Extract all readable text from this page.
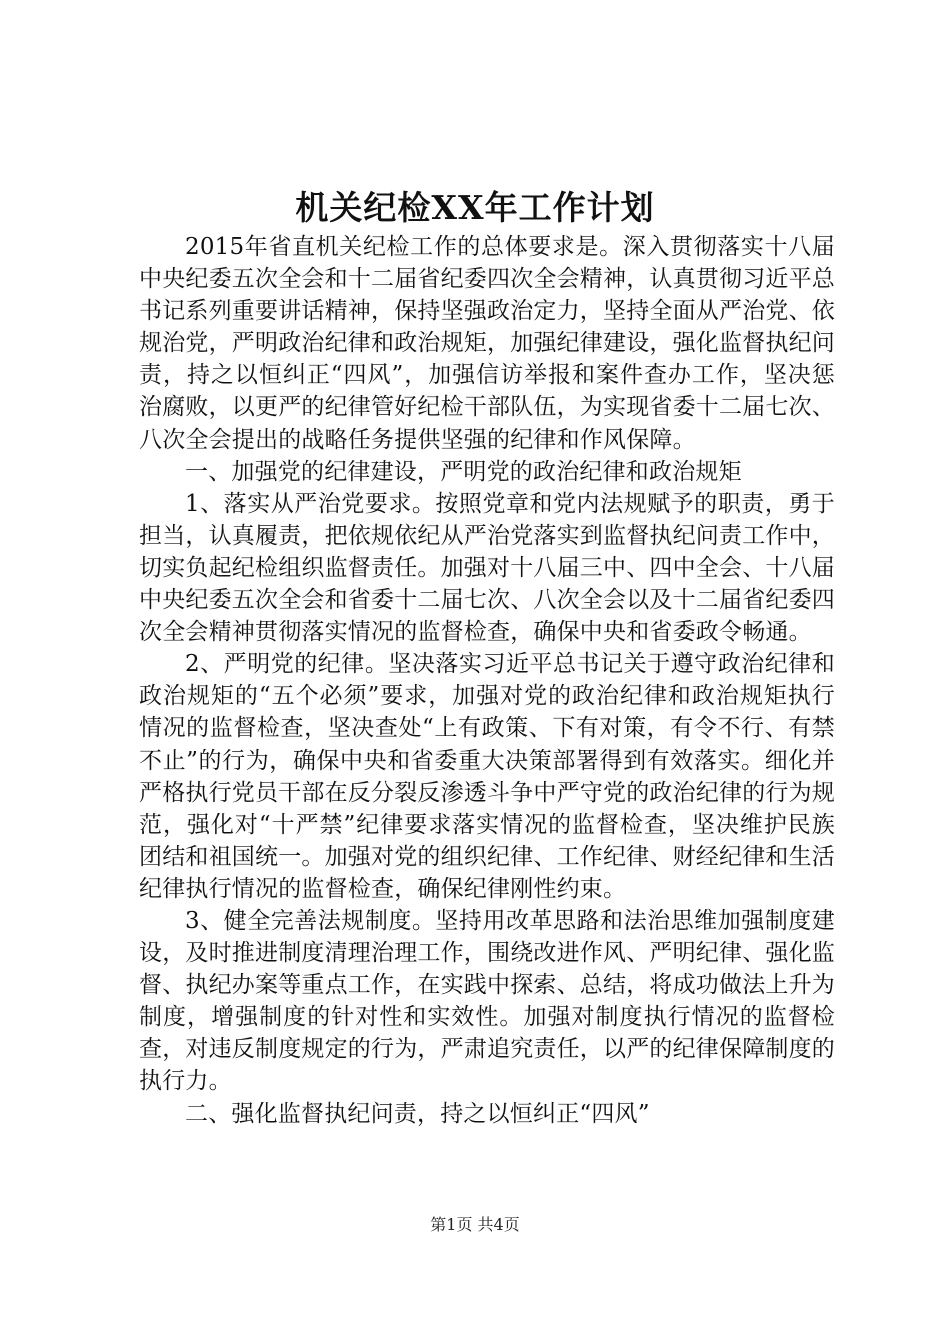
机关纪检XX年工作计划

2015年省直机关纪检工作的总体要求是。深入贯彻落实十八届中央纪委五次全会和十二届省纪委四次全会精神，认真贯彻习近平总书记系列重要讲话精神，保持坚强政治定力，坚持全面从严治党、依规治党，严明政治纪律和政治规矩，加强纪律建设，强化监督执纪问责，持之以恒纠正“四风”，加强信访举报和案件查办工作，坚决惩治腐败，以更严的纪律管好纪检干部队伍，为实现省委十二届七次、八次全会提出的战略任务提供坚强的纪律和作风保障。

一、加强党的纪律建设，严明党的政治纪律和政治规矩

1、落实从严治党要求。按照党章和党内法规赋予的职责，勇于担当，认真履责，把依规依纪从严治党落实到监督执纪问责工作中，切实负起纪检组织监督责任。加强对十八届三中、四中全会、十八届中央纪委五次全会和省委十二届七次、八次全会以及十二届省纪委四次全会精神贯彻落实情况的监督检查，确保中央和省委政令畅通。

2、严明党的纪律。坚决落实习近平总书记关于遵守政治纪律和政治规矩的“五个必须”要求，加强对党的政治纪律和政治规矩执行情况的监督检查，坚决查处“上有政策、下有对策，有令不行、有禁不止”的行为，确保中央和省委重大决策部署得到有效落实。细化并严格执行党员干部在反分裂反渗透斗争中严守党的政治纪律的行为规范，强化对“十严禁”纪律要求落实情况的监督检查，坚决维护民族团结和祖国统一。加强对党的组织纪律、工作纪律、财经纪律和生活纪律执行情况的监督检查，确保纪律刚性约束。

3、健全完善法规制度。坚持用改革思路和法治思维加强制度建设，及时推进制度清理治理工作，围绕改进作风、严明纪律、强化监督、执纪办案等重点工作，在实践中探索、总结，将成功做法上升为制度，增强制度的针对性和实效性。加强对制度执行情况的监督检查，对违反制度规定的行为，严肃追究责任，以严的纪律保障制度的执行力。

二、强化监督执纪问责，持之以恒纠正“四风”

第1页 共4页
